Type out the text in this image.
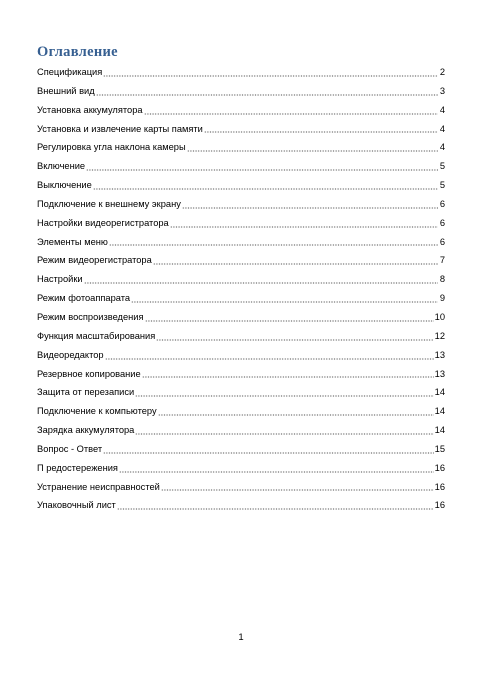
Оглавление
Спецификация	2
Внешний вид	3
Установка аккумулятора	4
Установка и извлечение карты памяти	4
Регулировка угла наклона камеры	4
Включение	5
Выключение	5
Подключение к внешнему экрану	6
Настройки видеорегистратора	6
Элементы меню	6
Режим видеорегистратора	7
Настройки	8
Режим фотоаппарата	9
Режим воспроизведения	10
Функция масштабирования	12
Видеоредактор	13
Резервное копирование	13
Защита от перезаписи	14
Подключение к компьютеру	14
Зарядка аккумулятора	14
Вопрос - Ответ	15
П редостережения	16
Устранение неисправностей	16
Упаковочный лист	16
1
